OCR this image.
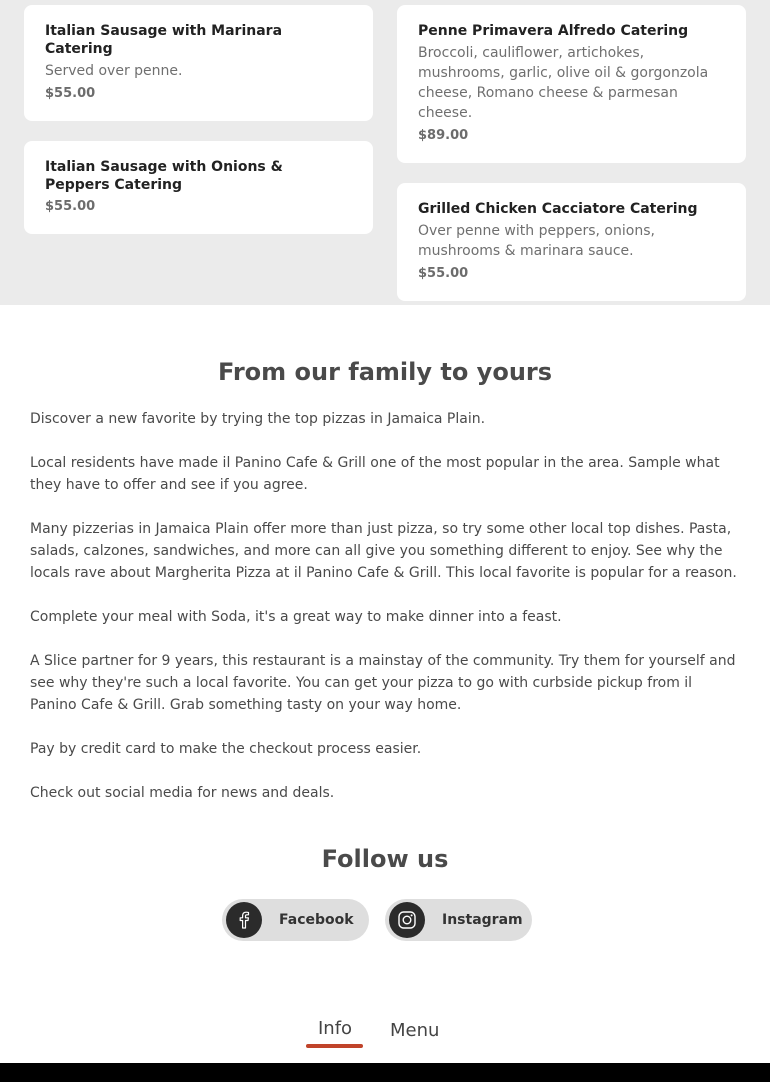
Italian Sausage with Marinara Catering
Served over penne.
$55.00
Italian Sausage with Onions & Peppers Catering
$55.00
Penne Primavera Alfredo Catering
Broccoli, cauliflower, artichokes, mushrooms, garlic, olive oil & gorgonzola cheese, Romano cheese & parmesan cheese.
$89.00
Grilled Chicken Cacciatore Catering
Over penne with peppers, onions, mushrooms & marinara sauce.
$55.00
From our family to yours

Discover a new favorite by trying the top pizzas in Jamaica Plain.

Local residents have made il Panino Cafe & Grill one of the most popular in the area. Sample what they have to offer and see if you agree.

Many pizzerias in Jamaica Plain offer more than just pizza, so try some other local top dishes. Pasta, salads, calzones, sandwiches, and more can all give you something different to enjoy. See why the locals rave about Margherita Pizza at il Panino Cafe & Grill. This local favorite is popular for a reason.

Complete your meal with Soda, it's a great way to make dinner into a feast.

A Slice partner for 9 years, this restaurant is a mainstay of the community. Try them for yourself and see why they're such a local favorite. You can get your pizza to go with curbside pickup from il Panino Cafe & Grill. Grab something tasty on your way home.

Pay by credit card to make the checkout process easier.

Check out social media for news and deals.

Follow us
Facebook	Instagram
Info Menu
